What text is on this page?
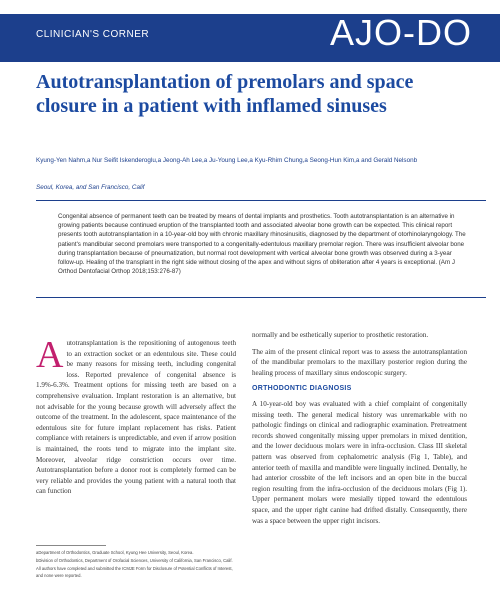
CLINICIAN'S CORNER	AJO-DO
Autotransplantation of premolars and space closure in a patient with inflamed sinuses
Kyung-Yen Nahm,a Nur Seifit Iskenderoglu,a Jeong-Ah Lee,a Ju-Young Lee,a Kyu-Rhim Chung,a Seong-Hun Kim,a and Gerald Nelsonb
Seoul, Korea, and San Francisco, Calif
Congenital absence of permanent teeth can be treated by means of dental implants and prosthetics. Tooth autotransplantation is an alternative in growing patients because continued eruption of the transplanted tooth and associated alveolar bone growth can be expected. This clinical report presents tooth autotransplantation in a 10-year-old boy with chronic maxillary rhinosinusitis, diagnosed by the department of otorhinolaryngology. The patient's mandibular second premolars were transported to a congenitally-edentulous maxillary premolar region. There was insufficient alveolar bone during transplantation because of pneumatization, but normal root development with vertical alveolar bone growth was observed during a 3-year follow-up. Healing of the transplant in the right side without closing of the apex and without signs of obliteration after 4 years is exceptional. (Am J Orthod Dentofacial Orthop 2018;153:276-87)
A utotransplantation is the repositioning of autogenous teeth to an extraction socket or an edentulous site. These could be many reasons for missing teeth, including congenital loss. Reported prevalence of congenital absence is 1.9%-6.3%. Treatment options for missing teeth are based on a comprehensive evaluation. Implant restoration is an alternative, but not advisable for the young because growth will adversely affect the outcome of the treatment. In the adolescent, space maintenance of the edentulous site for future implant replacement has risks. Patient compliance with retainers is unpredictable, and even if arrow position is maintained, the roots tend to migrate into the implant site. Moreover, alveolar ridge constriction occurs over time. Autotransplantation before a donor root is completely formed can be very reliable and provides the young patient with a natural tooth that can function

normally and be esthetically superior to prosthetic restoration.

The aim of the present clinical report was to assess the autotransplantation of the mandibular premolars to the maxillary posterior region during the healing process of maxillary sinus endoscopic surgery.

ORTHODONTIC DIAGNOSIS

A 10-year-old boy was evaluated with a chief complaint of congenitally missing teeth. The general medical history was unremarkable with no pathologic findings on clinical and radiographic examination. Pretreatment records showed congenitally missing upper premolars in mixed dentition, and the lower deciduous molars were in infra-occlusion. Class III skeletal pattern was observed from cephalometric analysis (Fig 1, Table), and anterior teeth of maxilla and mandible were lingually inclined. Dentally, he had anterior crossbite of the left incisors and an open bite in the buccal region resulting from the infra-occlusion of the deciduous molars (Fig 1). Upper permanent molars were mesially tipped toward the edentulous space, and the upper right canine had drifted distally. Consequently, there was a space between the upper right incisors.

aDepartment of Orthodontics, Graduate School, Kyung Hee University, Seoul, Korea.

bDivision of Orthodontics, Department of Orofacial Sciences, University of California, San Francisco, Calif.

All authors have completed and submitted the ICMJE Form for Disclosure of Potential Conflicts of Interest, and none were reported.
